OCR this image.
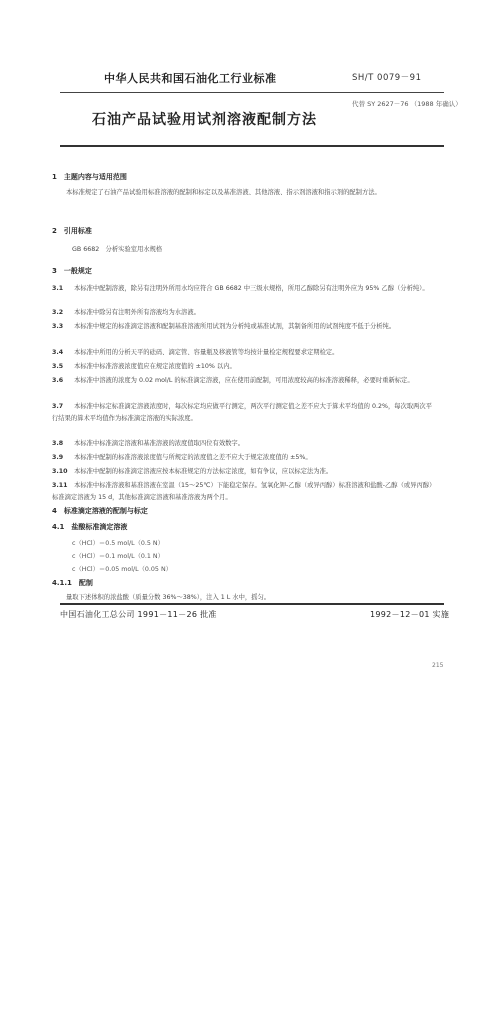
中华人民共和国石油化工行业标准	SH/T 0079－91
石油产品试验用试剂溶液配制方法
代替 SY 2627－76 （1988 年确认）
1　主题内容与适用范围
本标准规定了石油产品试验用标准溶液的配制和标定以及基准溶液、其他溶液、指示剂溶液和指示剂的配制方法。
2　引用标准
GB 6682　分析实验室用水规格
3　一般规定
3.1 本标准中配制溶液，除另有注明外所用水均应符合 GB 6682 中三级水规格，所用乙醇除另有注明外应为 95% 乙醇（分析纯）。
3.2 本标准中除另有注明外所有溶液均为水溶液。
3.3 本标准中规定的标准滴定溶液和配制基准溶液所用试剂为分析纯或基准试剂，其制备所用的试剂纯度不低于分析纯。
3.4 本标准中所用的分析天平的砝码、滴定管、容量瓶及移液管等均按计量检定规程要求定期检定。
3.5 本标准中标准溶液浓度值应在规定浓度值的 ±10% 以内。
3.6 本标准中溶液的浓度为 0.02 mol/L 的标准滴定溶液，应在使用前配制，可用浓度较高的标准溶液稀释，必要时重新标定。
3.7 本标准中标定标准滴定溶液浓度时，每次标定均应做平行测定，两次平行测定值之差不应大于算术平均值的 0.2%，每次取两次平行结果的算术平均值作为标准滴定溶液的实际浓度。
3.8 本标准中标准滴定溶液和基准溶液的浓度值取四位有效数字。
3.9 本标准中配制的标准溶液浓度值与所规定的浓度值之差不应大于规定浓度值的 ±5%。
3.10 本标准中配制的标准滴定溶液应按本标准规定的方法标定浓度，如有争议，应以标定法为准。
3.11 本标准中标准溶液和基准溶液在室温（15～25℃）下能稳定保存。氢氧化钾-乙醇（或异丙醇）标准溶液和盐酸-乙醇（或异丙醇）标准滴定溶液为 15 d，其他标准滴定溶液和基准溶液为两个月。
4　标准滴定溶液的配制与标定
4.1　盐酸标准滴定溶液
c（HCl）＝0.5 mol/L（0.5 N）
c（HCl）＝0.1 mol/L（0.1 N）
c（HCl）＝0.05 mol/L（0.05 N）
4.1.1　配制
量取下述体积的浓盐酸（质量分数 36%～38%），注入 1 L 水中，摇匀。
中国石油化工总公司 1991－11－26 批准	1992－12－01 实施
215
